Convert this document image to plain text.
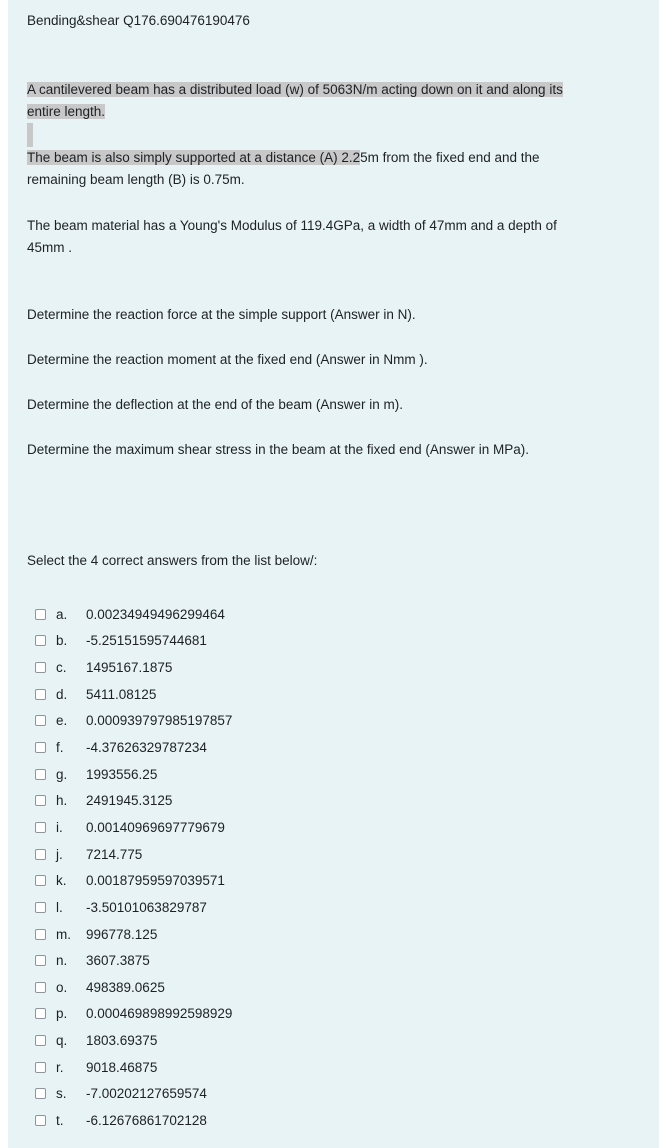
Bending&shear Q176.690476190476
A cantilevered beam has a distributed load (w) of 5063N/m acting down on it and along its
entire length.
The beam is also simply supported at a distance (A) 2.25m from the fixed end and the
remaining beam length (B) is 0.75m.
The beam material has a Young's Modulus of 119.4GPa, a width of 47mm and a depth of
45mm .
Determine the reaction force at the simple support (Answer in N).
Determine the reaction moment at the fixed end (Answer in Nmm ).
Determine the deflection at the end of the beam (Answer in m).
Determine the maximum shear stress in the beam at the fixed end (Answer in MPa).
Select the 4 correct answers from the list below/:
a.	0.00234949496299464
b.	-5.25151595744681
c.	1495167.1875
d.	5411.08125
e.	0.000939797985197857
f.	-4.37626329787234
g.	1993556.25
h.	2491945.3125
i.	0.00140969697779679
j.	7214.775
k.	0.00187959597039571
l.	-3.50101063829787
m.	996778.125
n.	3607.3875
o.	498389.0625
p.	0.000469898992598929
q.	1803.69375
r.	9018.46875
s.	-7.00202127659574
t.	-6.12676861702128
